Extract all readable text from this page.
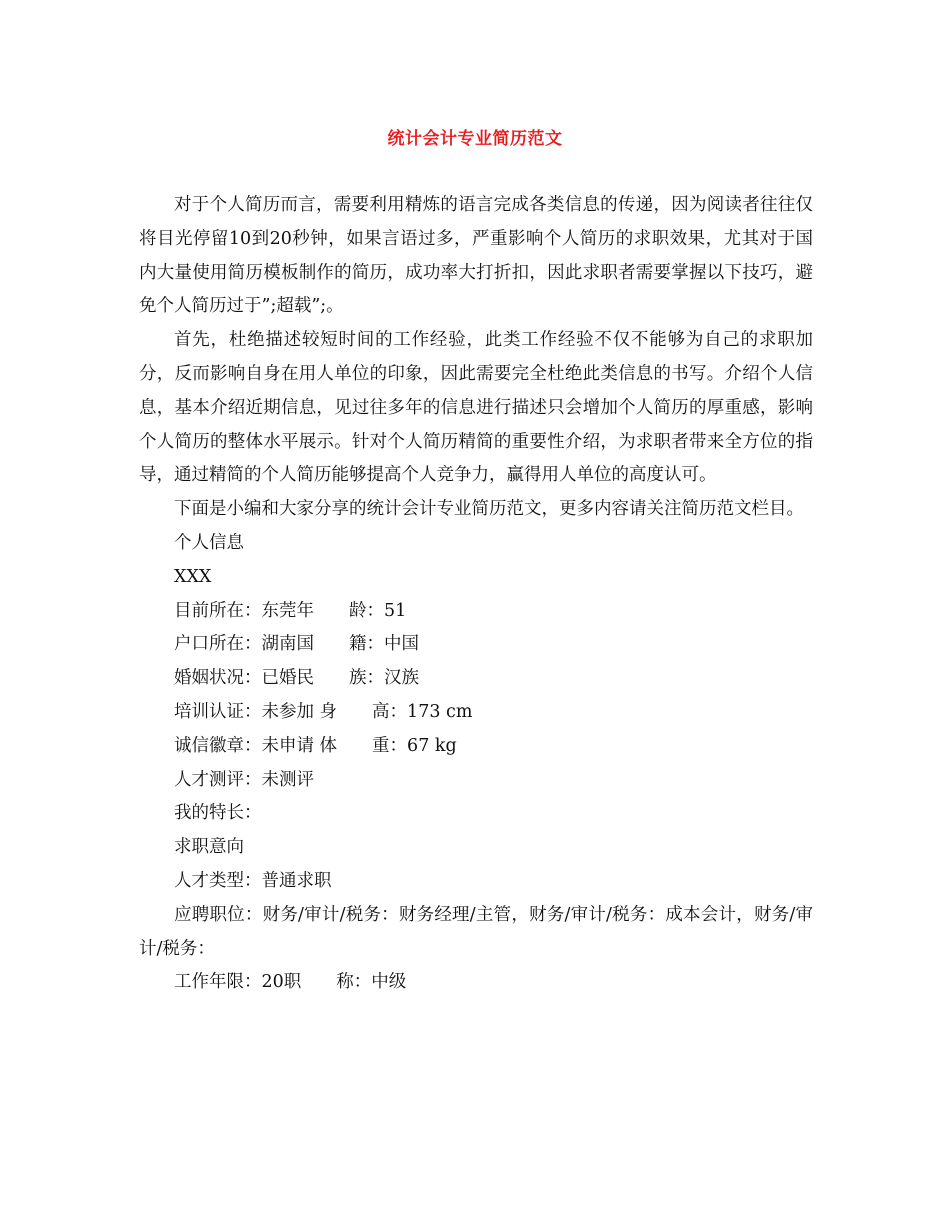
统计会计专业简历范文

对于个人简历而言，需要利用精炼的语言完成各类信息的传递，因为阅读者往往仅将目光停留10到20秒钟，如果言语过多，严重影响个人简历的求职效果，尤其对于国内大量使用简历模板制作的简历，成功率大打折扣，因此求职者需要掌握以下技巧，避免个人简历过于”;超载”;。

首先，杜绝描述较短时间的工作经验，此类工作经验不仅不能够为自己的求职加分，反而影响自身在用人单位的印象，因此需要完全杜绝此类信息的书写。介绍个人信息，基本介绍近期信息，见过往多年的信息进行描述只会增加个人简历的厚重感，影响个人简历的整体水平展示。针对个人简历精简的重要性介绍，为求职者带来全方位的指导，通过精简的个人简历能够提高个人竞争力，赢得用人单位的高度认可。

下面是小编和大家分享的统计会计专业简历范文，更多内容请关注简历范文栏目。

个人信息
XXX
目前所在：东莞年　　龄：51
户口所在：湖南国　　籍：中国
婚姻状况：已婚民　　族：汉族
培训认证：未参加 身　　高：173 cm
诚信徽章：未申请 体　　重：67 kg
人才测评：未测评
我的特长：
求职意向
人才类型：普通求职

应聘职位：财务/审计/税务：财务经理/主管，财务/审计/税务：成本会计，财务/审计/税务：

工作年限：20职　　称：中级
